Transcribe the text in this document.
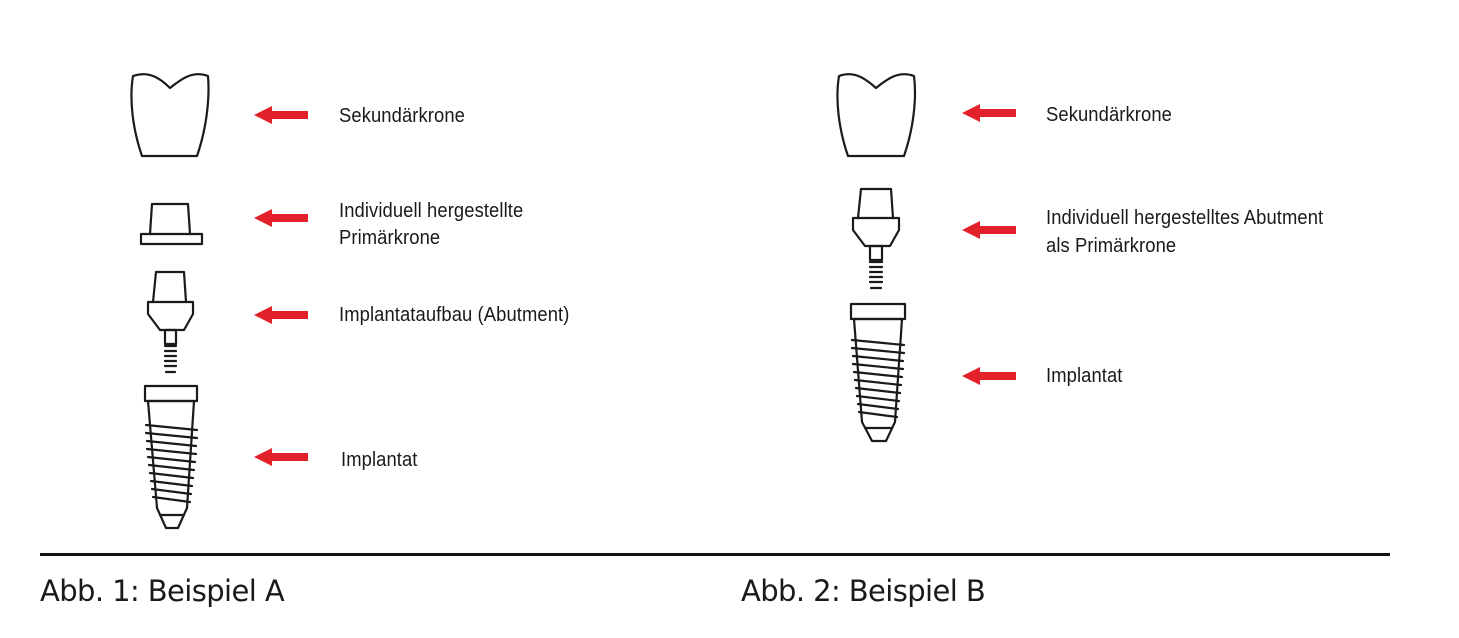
Sekundärkrone
Individuell hergestellte
Primärkrone
Implantataufbau (Abutment)
Implantat
Sekundärkrone
Individuell hergestelltes Abutment
als Primärkrone
Implantat
Abb. 1: Beispiel A	Abb. 2: Beispiel B
